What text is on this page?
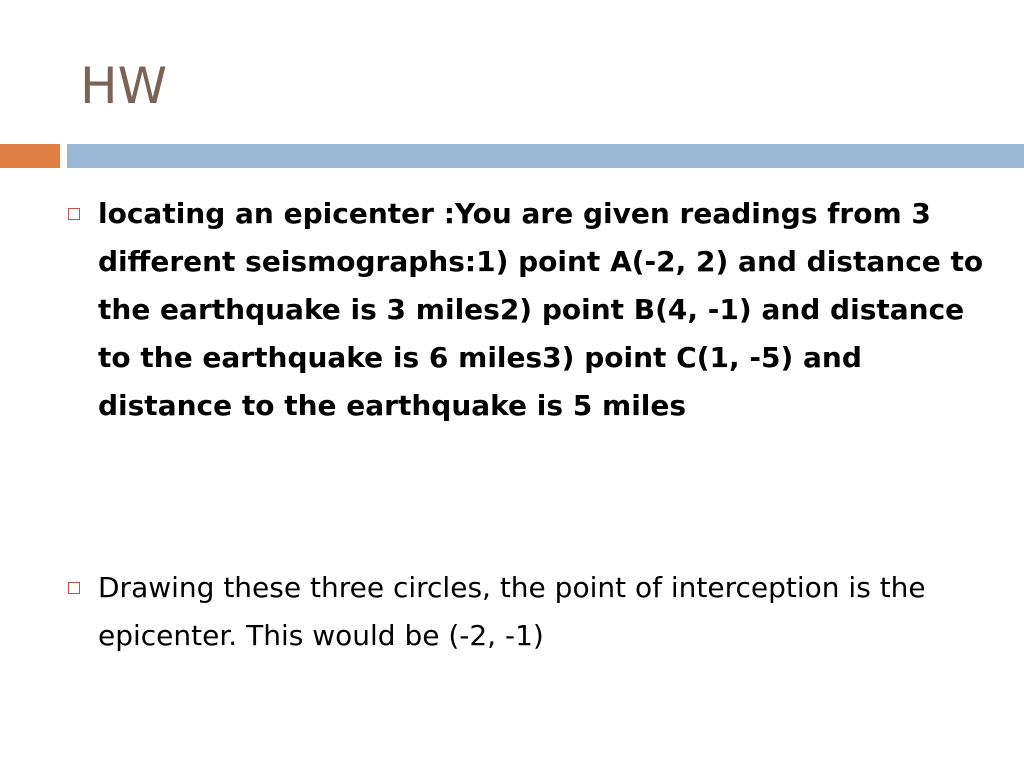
HW
locating an epicenter :You are given readings from 3 different seismographs:1) point A(-2, 2) and distance to the earthquake is 3 miles2) point B(4, -1) and distance to the earthquake is 6 miles3) point C(1, -5) and distance to the earthquake is 5 miles
Drawing these three circles, the point of interception is the epicenter. This would be (-2, -1)
